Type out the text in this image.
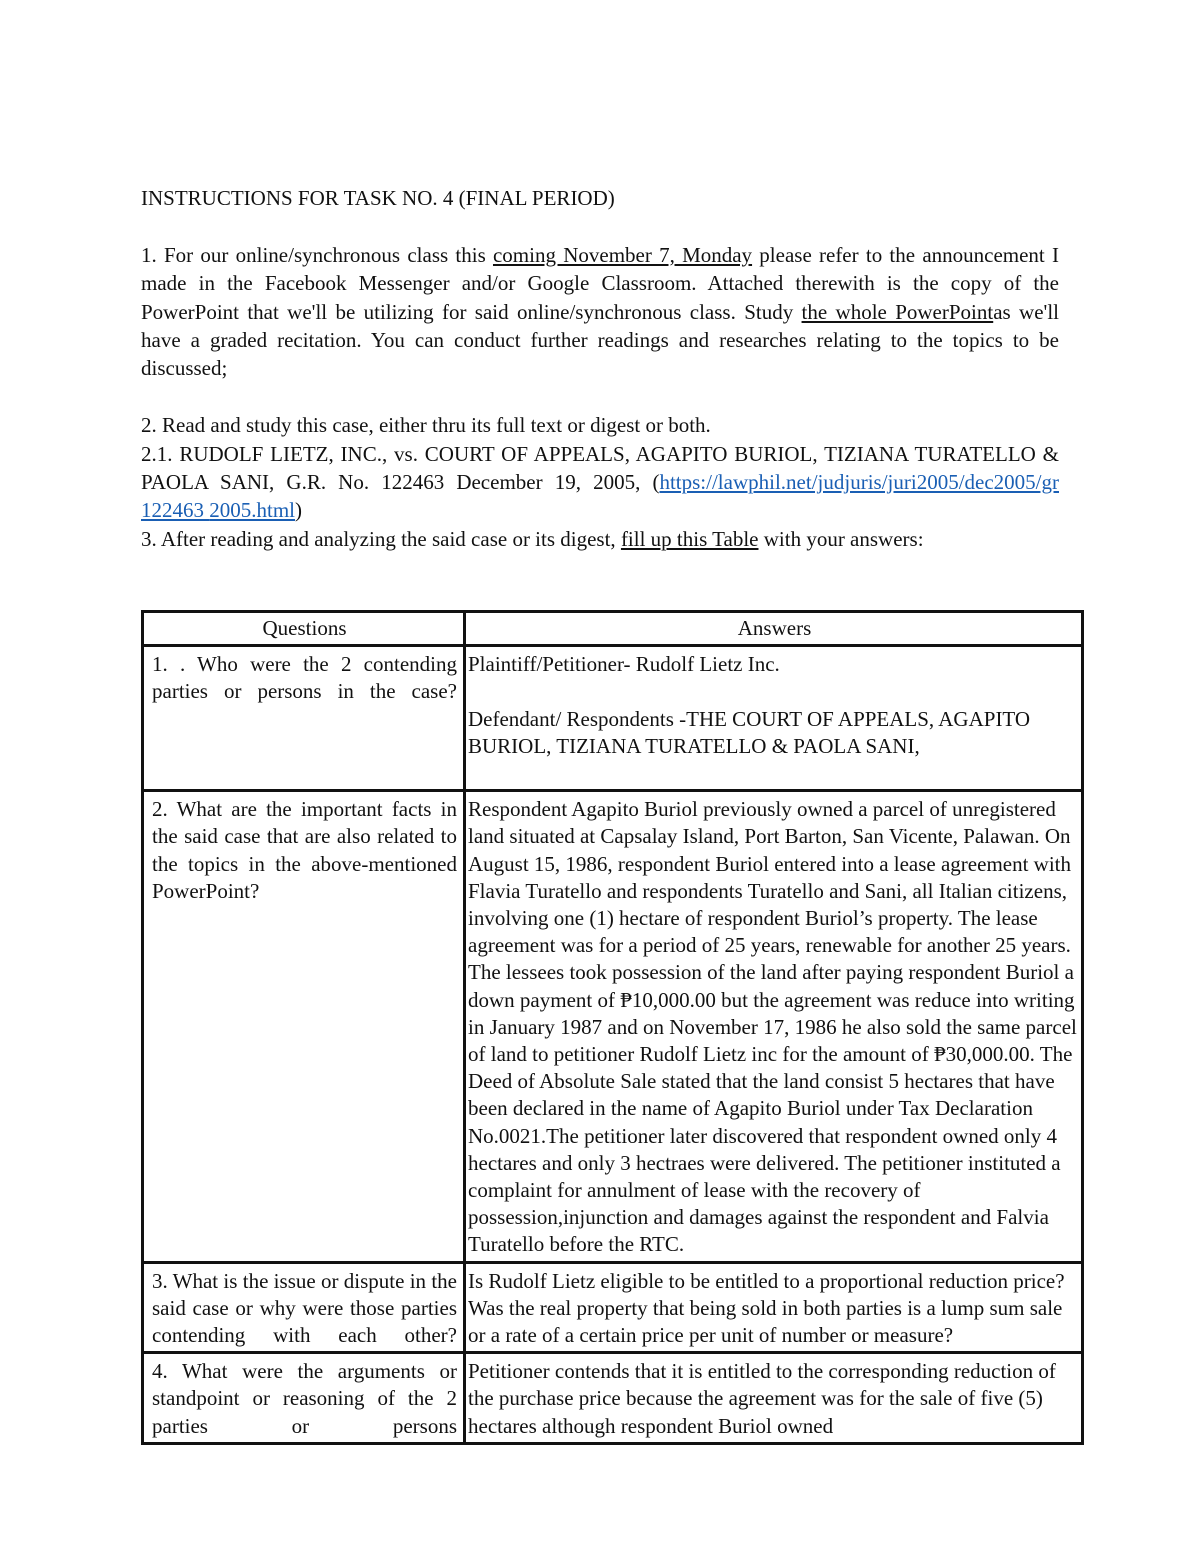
INSTRUCTIONS FOR TASK NO. 4 (FINAL PERIOD)

1. For our online/synchronous class this coming November 7, Monday please refer to the announcement I made in the Facebook Messenger and/or Google Classroom. Attached therewith is the copy of the PowerPoint that we'll be utilizing for said online/synchronous class. Study the whole PowerPointas we'll have a graded recitation. You can conduct further readings and researches relating to the topics to be discussed;

2. Read and study this case, either thru its full text or digest or both.

2.1. RUDOLF LIETZ, INC., vs. COURT OF APPEALS, AGAPITO BURIOL, TIZIANA TURATELLO & PAOLA SANI, G.R. No. 122463 December 19, 2005, (https://lawphil.net/judjuris/juri2005/dec2005/gr 122463 2005.html)

3. After reading and analyzing the said case or its digest, fill up this Table with your answers:

Questions	Answers
1. . Who were the 2 contending parties or persons in the case?	Plaintiff/Petitioner- Rudolf Lietz Inc.
Defendant/ Respondents -THE COURT OF APPEALS, AGAPITO BURIOL, TIZIANA TURATELLO & PAOLA SANI,

2. What are the important facts in the said case that are also related to the topics in the above-mentioned PowerPoint?	Respondent Agapito Buriol previously owned a parcel of unregistered land situated at Capsalay Island, Port Barton, San Vicente, Palawan. On August 15, 1986, respondent Buriol entered into a lease agreement with Flavia Turatello and respondents Turatello and Sani, all Italian citizens, involving one (1) hectare of respondent Buriol’s property. The lease agreement was for a period of 25 years, renewable for another 25 years. The lessees took possession of the land after paying respondent Buriol a down payment of ₱10,000.00 but the agreement was reduce into writing in January 1987 and on November 17, 1986 he also sold the same parcel of land to petitioner Rudolf Lietz inc for the amount of ₱30,000.00. The Deed of Absolute Sale stated that the land consist 5 hectares that have been declared in the name of Agapito Buriol under Tax Declaration No.0021.The petitioner later discovered that respondent owned only 4 hectares and only 3 hectraes were delivered. The petitioner instituted a complaint for annulment of lease with the recovery of possession,injunction and damages against the respondent and Falvia Turatello before the RTC.
3. What is the issue or dispute in the said case or why were those parties contending with each other?	Is Rudolf Lietz eligible to be entitled to a proportional reduction price?Was the real property that being sold in both parties is a lump sum sale or a rate of a certain price per unit of number or measure?
4. What were the arguments or standpoint or reasoning of the 2 parties or persons	Petitioner contends that it is entitled to the corresponding reduction of the purchase price because the agreement was for the sale of five (5) hectares although respondent Buriol owned
